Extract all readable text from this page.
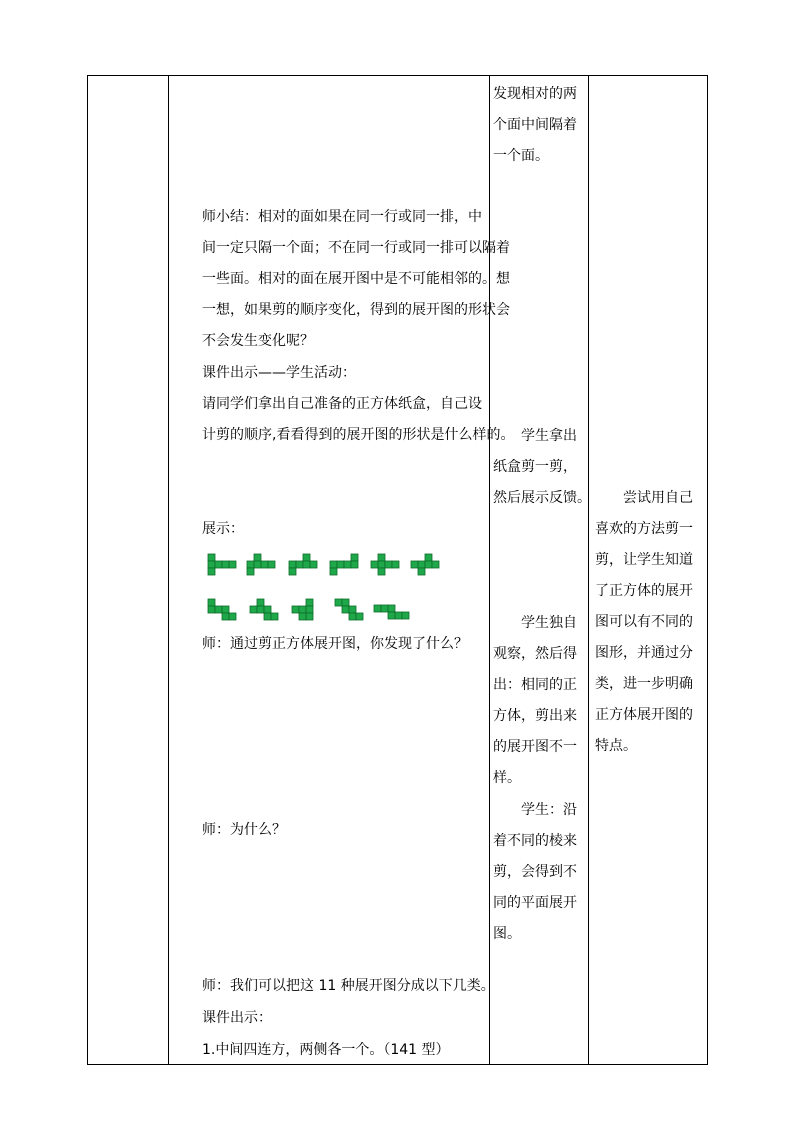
师小结：相对的面如果在同一行或同一排，中
间一定只隔一个面；不在同一行或同一排可以隔着
一些面。相对的面在展开图中是不可能相邻的。想
一想，如果剪的顺序变化，得到的展开图的形状会
不会发生变化呢？
课件出示——学生活动：
请同学们拿出自己准备的正方体纸盒，自己设
计剪的顺序,看看得到的展开图的形状是什么样的。
展示：
师：通过剪正方体展开图，你发现了什么？
师：为什么？
师：我们可以把这 11 种展开图分成以下几类。
课件出示：
1.中间四连方，两侧各一个。（141 型）
发现相对的两
个面中间隔着
一个面。
学生拿出
纸盒剪一剪，
然后展示反馈。
学生独自
观察，然后得
出：相同的正
方体，剪出来
的展开图不一
样。
学生：沿
着不同的棱来
剪，会得到不
同的平面展开
图。
尝试用自己
喜欢的方法剪一
剪，让学生知道
了正方体的展开
图可以有不同的
图形，并通过分
类，进一步明确
正方体展开图的
特点。
